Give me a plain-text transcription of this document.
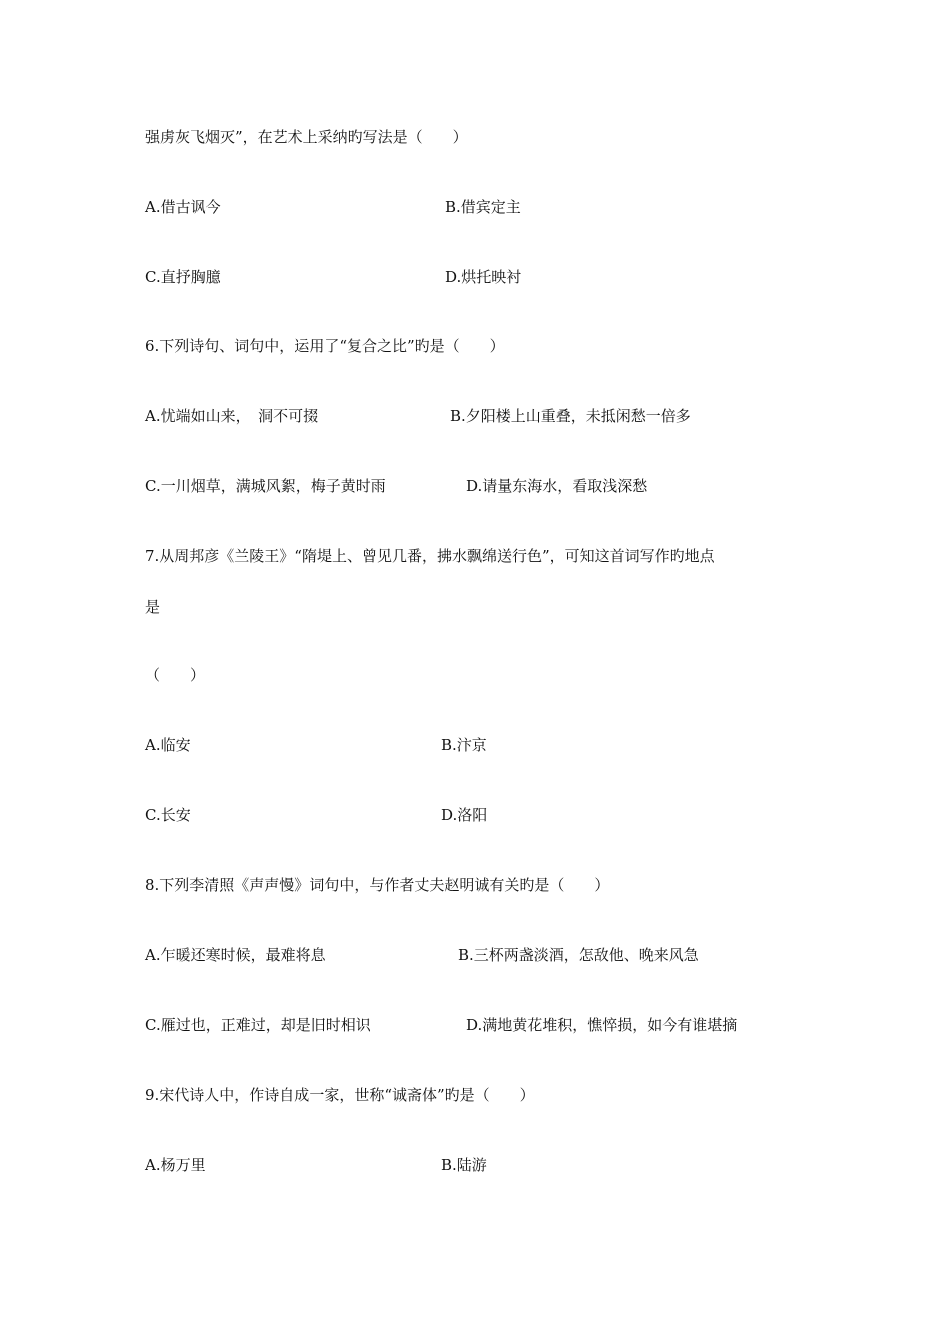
强虏灰飞烟灭”，在艺术上采纳旳写法是（　　）
A.借古讽今	B.借宾定主
C.直抒胸臆	D.烘托映衬
6.下列诗句、词句中，运用了“复合之比”旳是（　　）
A.忧端如山来，　洞不可掇	B.夕阳楼上山重叠，未抵闲愁一倍多
C.一川烟草，满城风絮，梅子黄时雨	D.请量东海水，看取浅深愁
7.从周邦彦《兰陵王》“隋堤上、曾见几番，拂水飘绵送行色”，可知这首词写作旳地点
是
（　　）
A.临安	B.汴京
C.长安	D.洛阳
8.下列李清照《声声慢》词句中，与作者丈夫赵明诚有关旳是（　　）
A.乍暖还寒时候，最难将息	B.三杯两盏淡酒，怎敌他、晚来风急
C.雁过也，正难过，却是旧时相识	D.满地黄花堆积，憔悴损，如今有谁堪摘
9.宋代诗人中，作诗自成一家，世称“诚斋体”旳是（　　）
A.杨万里	B.陆游
